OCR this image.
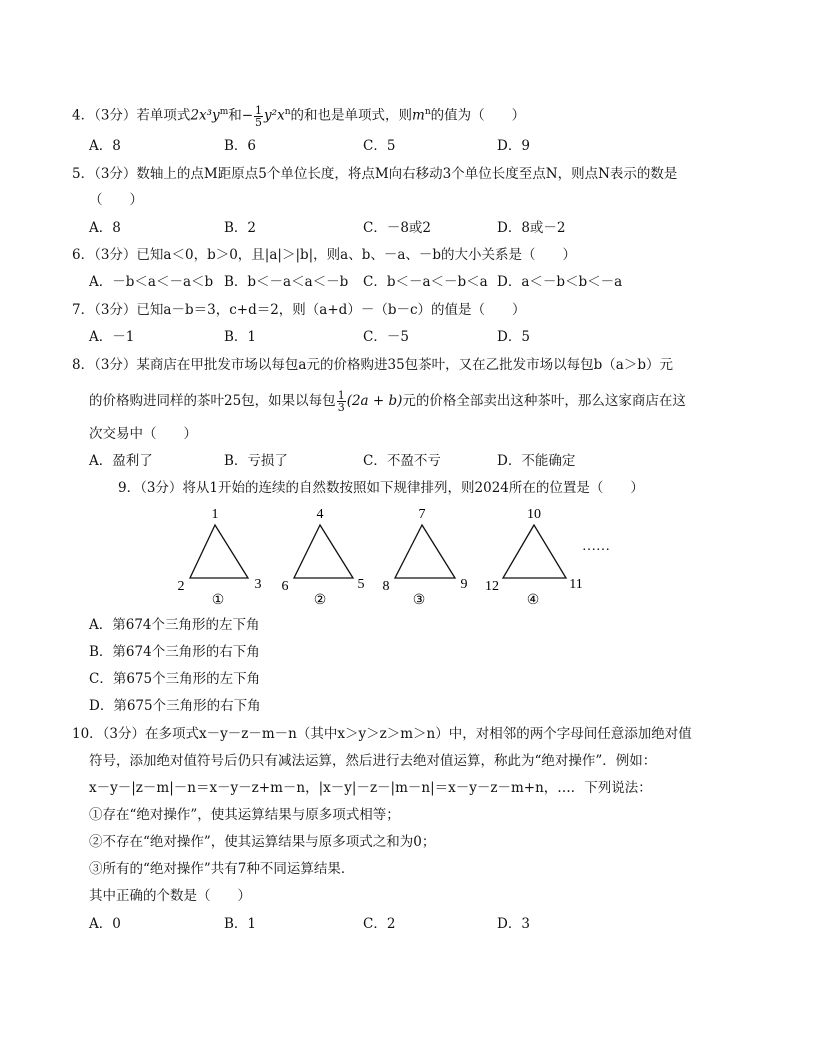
4．（3分）若单项式$2x^3y^m$和− $\frac{1}{5} y^2x^n$的和也是单项式，则$m^n$的值为（　　）
A．8	B．6	C．5	D．9
5．（3分）数轴上的点M距原点5个单位长度，将点M向右移动3个单位长度至点N，则点N表示的数是
（　　）
A．8	B．2	C．－8或2	D．8或－2
6．（3分）已知a＜0，b＞0，且|a|＞|b|，则a、b、－a、－b的大小关系是（　　）
A．－b＜a＜－a＜b B．b＜－a＜a＜－b C．b＜－a＜－b＜a D．a＜－b＜b＜－a
7．（3分）已知a－b＝3，c+d＝2，则（a+d）－（b－c）的值是（　　）
A．－1	B．1	C．－5	D．5
8．（3分）某商店在甲批发市场以每包a元的价格购进35包茶叶，又在乙批发市场以每包b（a＞b）元
的价格购进同样的茶叶25包，如果以每包 $\frac{1}{3} (2a + b)$元的价格全部卖出这种茶叶，那么这家商店在这
次交易中（　　）
A．盈利了	B．亏损了	C．不盈不亏	D．不能确定
9．（3分）将从1开始的连续的自然数按照如下规律排列，则2024所在的位置是（　　）
1
2	3
①
4
6	5
②
7
8	9
③
10
12	11
④
……
A．第674个三角形的左下角
B．第674个三角形的右下角
C．第675个三角形的左下角
D．第675个三角形的右下角
10．（3分）在多项式x－y－z－m－n（其中x＞y＞z＞m＞n）中，对相邻的两个字母间任意添加绝对值
符号，添加绝对值符号后仍只有减法运算，然后进行去绝对值运算，称此为“绝对操作”．例如：
x－y－|z－m|－n＝x－y－z+m－n，|x－y|－z－|m－n|＝x－y－z－m+n，…．下列说法：
①存在“绝对操作”，使其运算结果与原多项式相等；
②不存在“绝对操作”，使其运算结果与原多项式之和为0；
③所有的“绝对操作”共有7种不同运算结果．
其中正确的个数是（　　）
A．0	B．1	C．2	D．3
